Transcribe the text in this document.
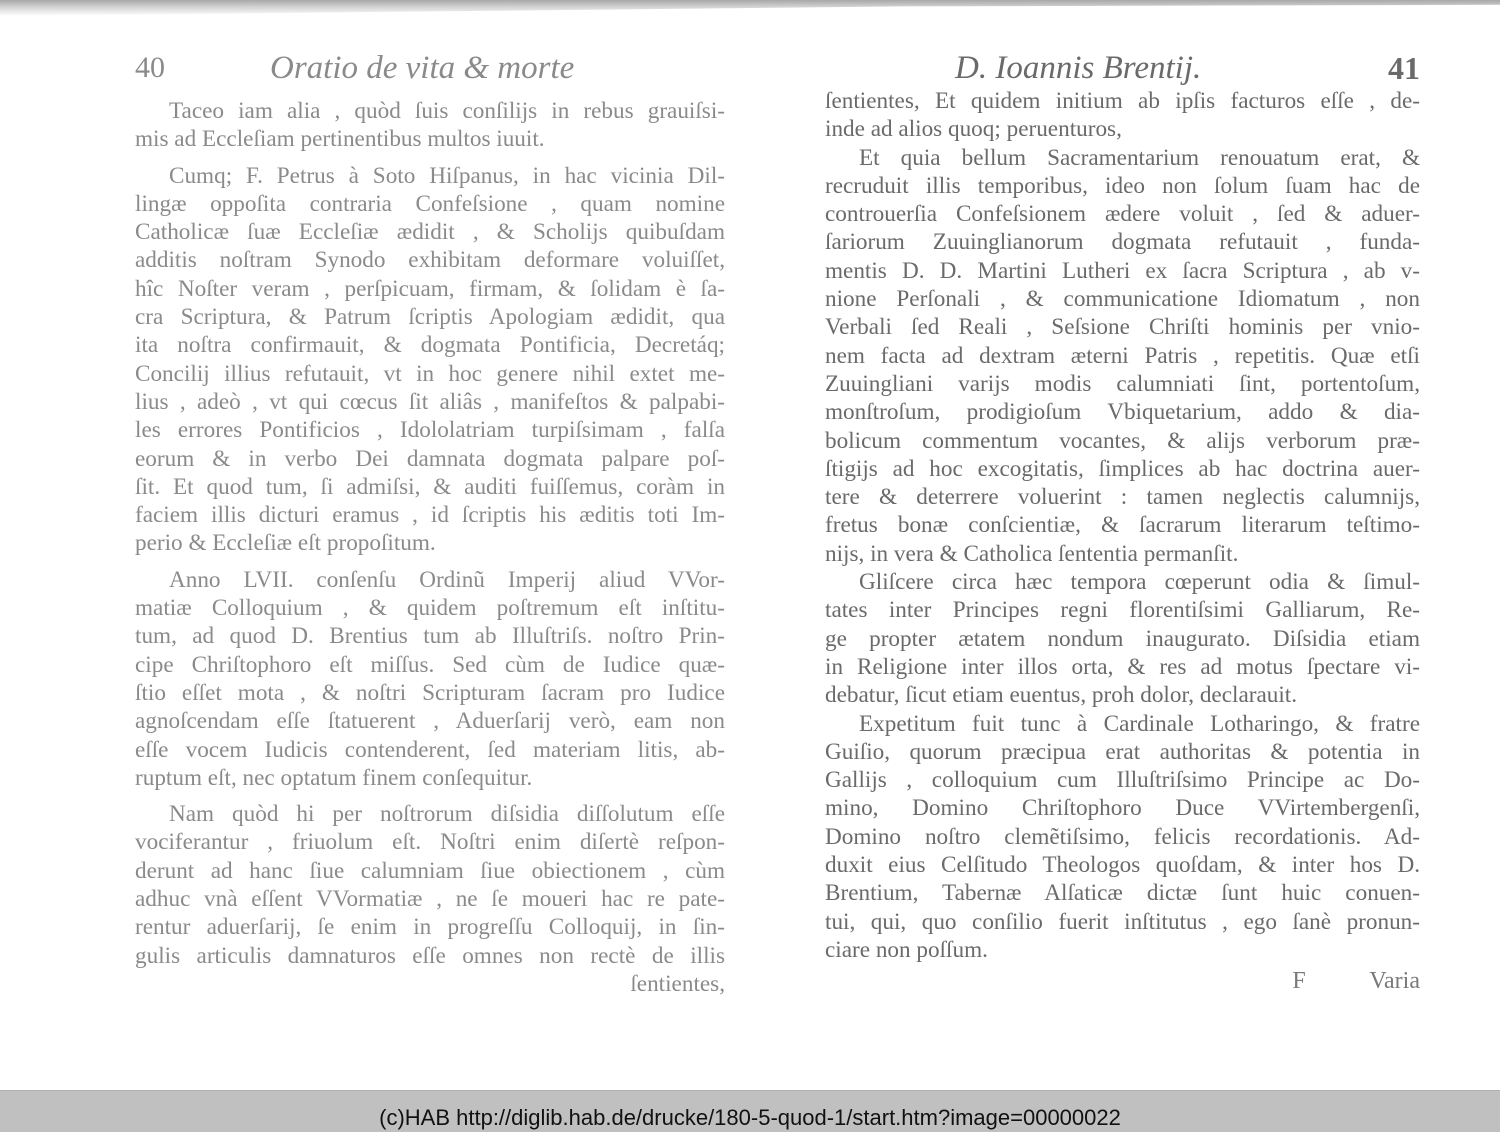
40	Oratio de vita & morte
Taceo iam alia , quòd ſuis conſilijs in rebus grauiſsi-
mis ad Eccleſiam pertinentibus multos iuuit.
Cumq; F. Petrus à Soto Hiſpanus, in hac vicinia Dil-
lingæ oppoſita contraria Confeſsione , quam nomine
Catholicæ ſuæ Eccleſiæ ædidit , & Scholijs quibuſdam
additis noſtram Synodo exhibitam deformare voluiſſet,
hîc Noſter veram , perſpicuam, firmam, & ſolidam è ſa-
cra Scriptura, & Patrum ſcriptis Apologiam ædidit, qua
ita noſtra confirmauit, & dogmata Pontificia, Decretáq;
Concilij illius refutauit, vt in hoc genere nihil extet me-
lius , adeò , vt qui cœcus ſit aliâs , manifeſtos & palpabi-
les errores Pontificios , Idololatriam turpiſsimam , falſa
eorum & in verbo Dei damnata dogmata palpare poſ-
ſit. Et quod tum, ſi admiſsi, & auditi fuiſſemus, coràm in
faciem illis dicturi eramus , id ſcriptis his æditis toti Im-
perio & Eccleſiæ eſt propoſitum.
Anno LVII. conſenſu Ordinũ Imperij aliud VVor-
matiæ Colloquium , & quidem poſtremum eſt inſtitu-
tum, ad quod D. Brentius tum ab Illuſtriſs. noſtro Prin-
cipe Chriſtophoro eſt miſſus. Sed cùm de Iudice quæ-
ſtio eſſet mota , & noſtri Scripturam ſacram pro Iudice
agnoſcendam eſſe ſtatuerent , Aduerſarij verò, eam non
eſſe vocem Iudicis contenderent, ſed materiam litis, ab-
ruptum eſt, nec optatum finem conſequitur.
Nam quòd hi per noſtrorum diſsidia diſſolutum eſſe
vociferantur , friuolum eſt. Noſtri enim diſertè reſpon-
derunt ad hanc ſiue calumniam ſiue obiectionem , cùm
adhuc vnà eſſent VVormatiæ , ne ſe moueri hac re pate-
rentur aduerſarij, ſe enim in progreſſu Colloquij, in ſin-
gulis articulis damnaturos eſſe omnes non rectè de illis
ſentientes,
D. Ioannis Brentij.	41
ſentientes, Et quidem initium ab ipſis facturos eſſe , de-
inde ad alios quoq; peruenturos,
Et quia bellum Sacramentarium renouatum erat, &
recruduit illis temporibus, ideo non ſolum ſuam hac de
controuerſia Confeſsionem ædere voluit , ſed & aduer-
ſariorum Zuuinglianorum dogmata refutauit , funda-
mentis D. D. Martini Lutheri ex ſacra Scriptura , ab v-
nione Perſonali , & communicatione Idiomatum , non
Verbali ſed Reali , Seſsione Chriſti hominis per vnio-
nem facta ad dextram æterni Patris , repetitis. Quæ etſi
Zuuingliani varijs modis calumniati ſint, portentoſum,
monſtroſum, prodigioſum Vbiquetarium, addo & dia-
bolicum commentum vocantes, & alijs verborum præ-
ſtigijs ad hoc excogitatis, ſimplices ab hac doctrina auer-
tere & deterrere voluerint : tamen neglectis calumnijs,
fretus bonæ conſcientiæ, & ſacrarum literarum teſtimo-
nijs, in vera & Catholica ſententia permanſit.
Gliſcere circa hæc tempora cœperunt odia & ſimul-
tates inter Principes regni florentiſsimi Galliarum, Re-
ge propter ætatem nondum inaugurato. Diſsidia etiam
in Religione inter illos orta, & res ad motus ſpectare vi-
debatur, ſicut etiam euentus, proh dolor, declarauit.
Expetitum fuit tunc à Cardinale Lotharingo, & fratre
Guiſio, quorum præcipua erat authoritas & potentia in
Gallijs , colloquium cum Illuſtriſsimo Principe ac Do-
mino, Domino Chriſtophoro Duce VVirtembergenſi,
Domino noſtro clemẽtiſsimo, felicis recordationis. Ad-
duxit eius Celſitudo Theologos quoſdam, & inter hos D.
Brentium, Tabernæ Alſaticæ dictæ ſunt huic conuen-
tui, qui, quo conſilio fuerit inſtitutus , ego ſanè pronun-
ciare non poſſum.
F	Varia
(c)HAB http://diglib.hab.de/drucke/180-5-quod-1/start.htm?image=00000022
